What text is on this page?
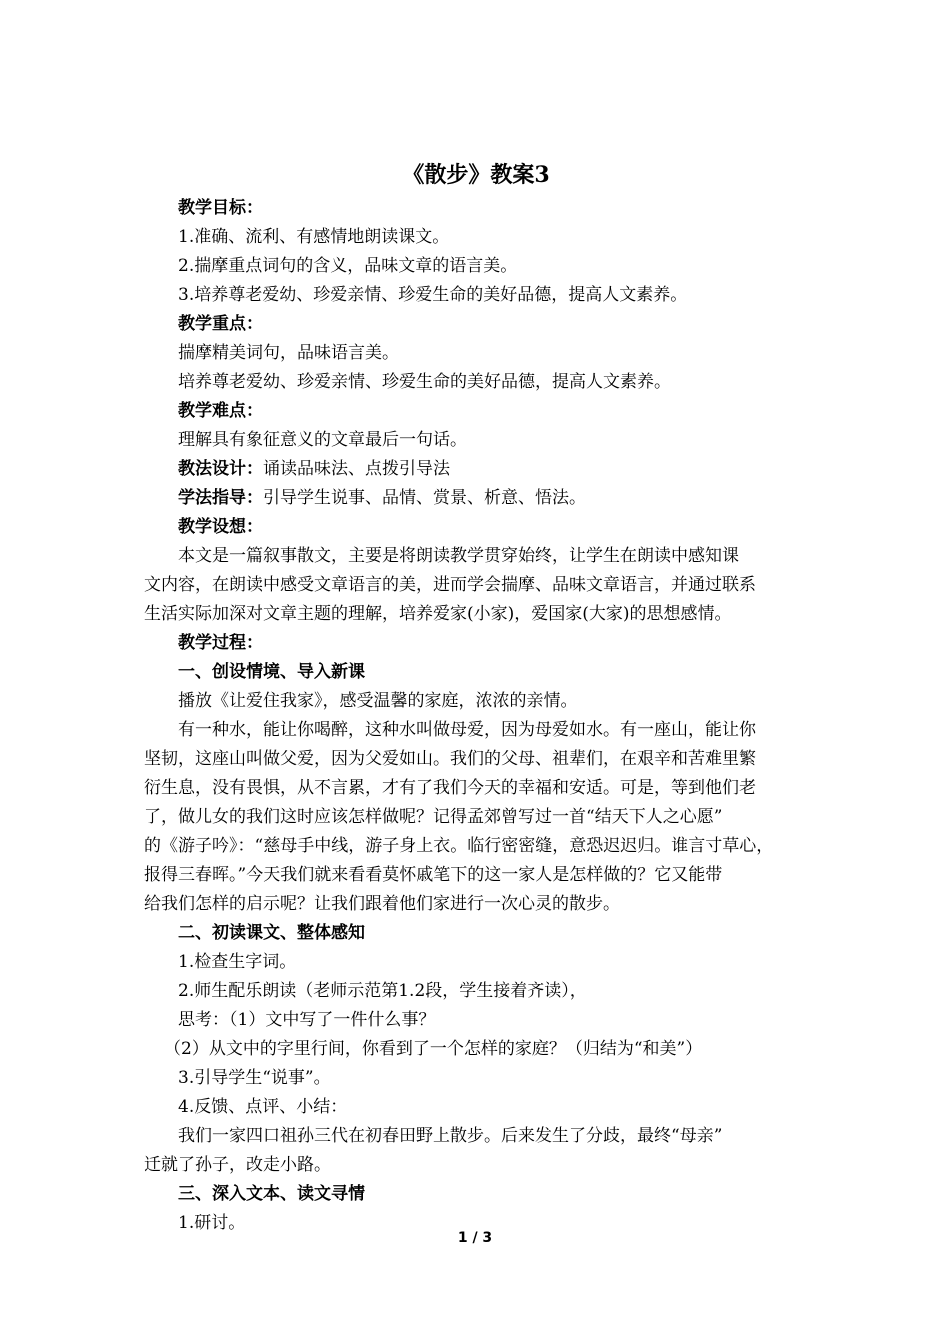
《散步》教案3
教学目标：
1.准确、流利、有感情地朗读课文。
2.揣摩重点词句的含义，品味文章的语言美。
3.培养尊老爱幼、珍爱亲情、珍爱生命的美好品德，提高人文素养。
教学重点：
揣摩精美词句，品味语言美。
培养尊老爱幼、珍爱亲情、珍爱生命的美好品德，提高人文素养。
教学难点：
理解具有象征意义的文章最后一句话。
教法设计：诵读品味法、点拨引导法
学法指导：引导学生说事、品情、赏景、析意、悟法。
教学设想：
本文是一篇叙事散文，主要是将朗读教学贯穿始终，让学生在朗读中感知课
文内容，在朗读中感受文章语言的美，进而学会揣摩、品味文章语言，并通过联系
生活实际加深对文章主题的理解，培养爱家(小家)，爱国家(大家)的思想感情。
教学过程：
一、创设情境、导入新课
播放《让爱住我家》，感受温馨的家庭，浓浓的亲情。
有一种水，能让你喝醉，这种水叫做母爱，因为母爱如水。有一座山，能让你
坚韧，这座山叫做父爱，因为父爱如山。我们的父母、祖辈们，在艰辛和苦难里繁
衍生息，没有畏惧，从不言累，才有了我们今天的幸福和安适。可是，等到他们老
了，做儿女的我们这时应该怎样做呢？记得孟郊曾写过一首“结天下人之心愿”
的《游子吟》：“慈母手中线，游子身上衣。临行密密缝，意恐迟迟归。谁言寸草心，
报得三春晖。”今天我们就来看看莫怀戚笔下的这一家人是怎样做的？它又能带
给我们怎样的启示呢？让我们跟着他们家进行一次心灵的散步。
二、初读课文、整体感知
1.检查生字词。
2.师生配乐朗读（老师示范第1.2段，学生接着齐读），
思考：（1）文中写了一件什么事？
（2）从文中的字里行间，你看到了一个怎样的家庭？（归结为“和美”）
3.引导学生“说事”。
4.反馈、点评、小结：
我们一家四口祖孙三代在初春田野上散步。后来发生了分歧，最终“母亲”
迁就了孙子，改走小路。
三、深入文本、读文寻情
1.研讨。
1 / 3
